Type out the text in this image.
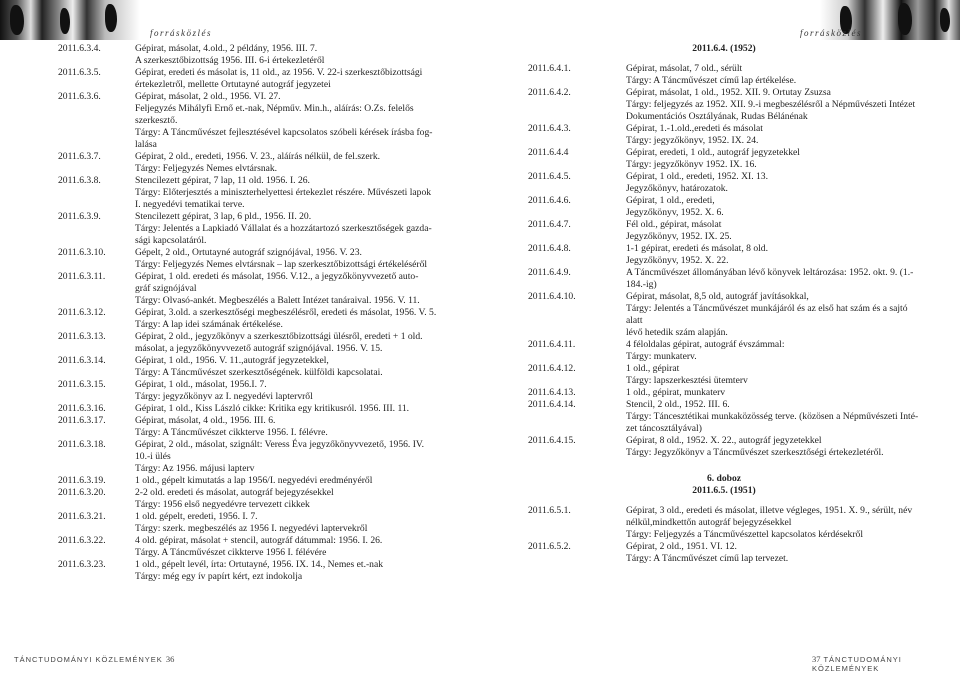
forrásközlés
2011.6.3.4.	Gépirat, másolat, 4.old., 2 példány, 1956. III. 7.
A szerkesztőbizottság 1956. III. 6-i értekezletéről
2011.6.3.5.	Gépirat, eredeti és másolat is, 11 old., az 1956. V. 22-i szerkesztőbizottsági
értekezletről, mellette Ortutayné autográf jegyzetei
2011.6.3.6.	Gépirat, másolat, 2 old., 1956. VI. 27.
Feljegyzés Mihályfi Ernő et.-nak, Népműv. Min.h., aláírás: O.Zs. felelős
szerkesztő.
Tárgy: A Táncművészet fejlesztésével kapcsolatos szóbeli kérések írásba fog-
lalása
2011.6.3.7.	Gépirat, 2 old., eredeti, 1956. V. 23., aláírás nélkül, de fel.szerk.
Tárgy: Feljegyzés Nemes elvtársnak.
2011.6.3.8.	Stencilezett gépirat, 7 lap, 11 old. 1956. I. 26.
Tárgy: Előterjesztés a miniszterhelyettesi értekezlet részére. Művészeti lapok
I. negyedévi tematikai terve.
2011.6.3.9.	Stencilezett gépirat, 3 lap, 6 pld., 1956. II. 20.
Tárgy: Jelentés a Lapkiadó Vállalat és a hozzátartozó szerkesztőségek gazda-
sági kapcsolatáról.
2011.6.3.10.	Gépelt, 2 old., Ortutayné autográf szignójával, 1956. V. 23.
Tárgy: Feljegyzés Nemes elvtársnak – lap szerkesztőbizottsági értékeléséről
2011.6.3.11.	Gépirat, 1 old. eredeti és másolat, 1956. V.12., a jegyzőkönyvvezető auto-
gráf szignójával
Tárgy: Olvasó-ankét. Megbeszélés a Balett Intézet tanáraival. 1956. V. 11.
2011.6.3.12.	Gépirat, 3.old. a szerkesztőségi megbeszélésről, eredeti és másolat, 1956. V. 5.
Tárgy: A lap idei számának értékelése.
2011.6.3.13.	Gépirat, 2 old., jegyzőkönyv a szerkesztőbizottsági ülésről, eredeti + 1 old.
másolat, a jegyzőkönyvvezető autográf szignójával. 1956. V. 15.
2011.6.3.14.	Gépirat, 1 old., 1956. V. 11.,autográf jegyzetekkel,
Tárgy: A Táncművészet szerkesztőségének. külföldi kapcsolatai.
2011.6.3.15.	Gépirat, 1 old., másolat, 1956.I. 7.
Tárgy: jegyzőkönyv az I. negyedévi laptervről
2011.6.3.16.	Gépirat, 1 old., Kiss László cikke: Kritika egy kritikusról. 1956. III. 11.
2011.6.3.17.	Gépirat, másolat, 4 old., 1956. III. 6.
Tárgy: A Táncművészet cikkterve 1956. I. félévre.
2011.6.3.18.	Gépirat, 2 old., másolat, szignált: Veress Éva jegyzőkönyvvezető, 1956. IV.
10.-i ülés
Tárgy: Az 1956. májusi lapterv
2011.6.3.19.	1 old., gépelt kimutatás a lap 1956/I. negyedévi eredményéről
2011.6.3.20.	2-2 old. eredeti és másolat, autográf bejegyzésekkel
Tárgy: 1956 első negyedévre tervezett cikkek
2011.6.3.21.	1 old. gépelt, eredeti, 1956. I. 7.
Tárgy: szerk. megbeszélés az 1956 I. negyedévi laptervekről
2011.6.3.22.	4 old. gépirat, másolat + stencil, autográf dátummal: 1956. I. 26.
Tárgy. A Táncművészet cikkterve 1956 I. félévére
2011.6.3.23.	1 old., gépelt levél, írta: Ortutayné, 1956. IX. 14., Nemes et.-nak
Tárgy: még egy ív papírt kért, ezt indokolja
TÁNCTUDOMÁNYI KÖZLEMÉNYEK 36
forrásközlés
2011.6.4. (1952)
2011.6.4.1.	Gépirat, másolat, 7 old., sérült
Tárgy: A Táncművészet című lap értékelése.
2011.6.4.2.	Gépirat, másolat, 1 old., 1952. XII. 9. Ortutay Zsuzsa
Tárgy: feljegyzés az 1952. XII. 9.-i megbeszélésről a Népművészeti Intézet
Dokumentációs Osztályának, Rudas Bélánénak
2011.6.4.3.	Gépirat, 1.-1.old.,eredeti és másolat
Tárgy: jegyzőkönyv, 1952. IX. 24.
2011.6.4.4	Gépirat, eredeti, 1 old., autográf jegyzetekkel
Tárgy: jegyzőkönyv 1952. IX. 16.
2011.6.4.5.	Gépirat, 1 old., eredeti, 1952. XI. 13.
Jegyzőkönyv, határozatok.
2011.6.4.6.	Gépirat, 1 old., eredeti,
Jegyzőkönyv, 1952. X. 6.
2011.6.4.7.	Fél old., gépirat, másolat
Jegyzőkönyv, 1952. IX. 25.
2011.6.4.8.	1-1 gépirat, eredeti és másolat, 8 old.
Jegyzőkönyv, 1952. X. 22.
2011.6.4.9.	A Táncművészet állományában lévő könyvek leltározása: 1952. okt. 9. (1.-
184.-ig)
2011.6.4.10.	Gépirat, másolat, 8,5 old, autográf javításokkal,
Tárgy: Jelentés a Táncművészet munkájáról és az első hat szám és a sajtó alatt
lévő hetedik szám alapján.
2011.6.4.11.	4 féloldalas gépirat, autográf évszámmal:
Tárgy: munkaterv.
2011.6.4.12.	1 old., gépirat
Tárgy: lapszerkesztési ütemterv
2011.6.4.13.	1 old., gépirat, munkaterv
2011.6.4.14.	Stencil, 2 old., 1952. III. 6.
Tárgy: Táncesztétikai munkaközösség terve. (közösen a Népművészeti Inté-
zet táncosztályával)
2011.6.4.15.	Gépirat, 8 old., 1952. X. 22., autográf jegyzetekkel
Tárgy: Jegyzőkönyv a Táncművészet szerkesztőségi értekezletéről.
6. doboz
2011.6.5. (1951)
2011.6.5.1.	Gépirat, 3 old., eredeti és másolat, illetve végleges, 1951. X. 9., sérült, név
nélkül,mindkettőn autográf bejegyzésekkel
Tárgy: Feljegyzés a Táncművészettel kapcsolatos kérdésekről
2011.6.5.2.	Gépirat, 2 old., 1951. VI. 12.
Tárgy: A Táncművészet című lap tervezet.
37 TÁNCTUDOMÁNYI KÖZLEMÉNYEK
